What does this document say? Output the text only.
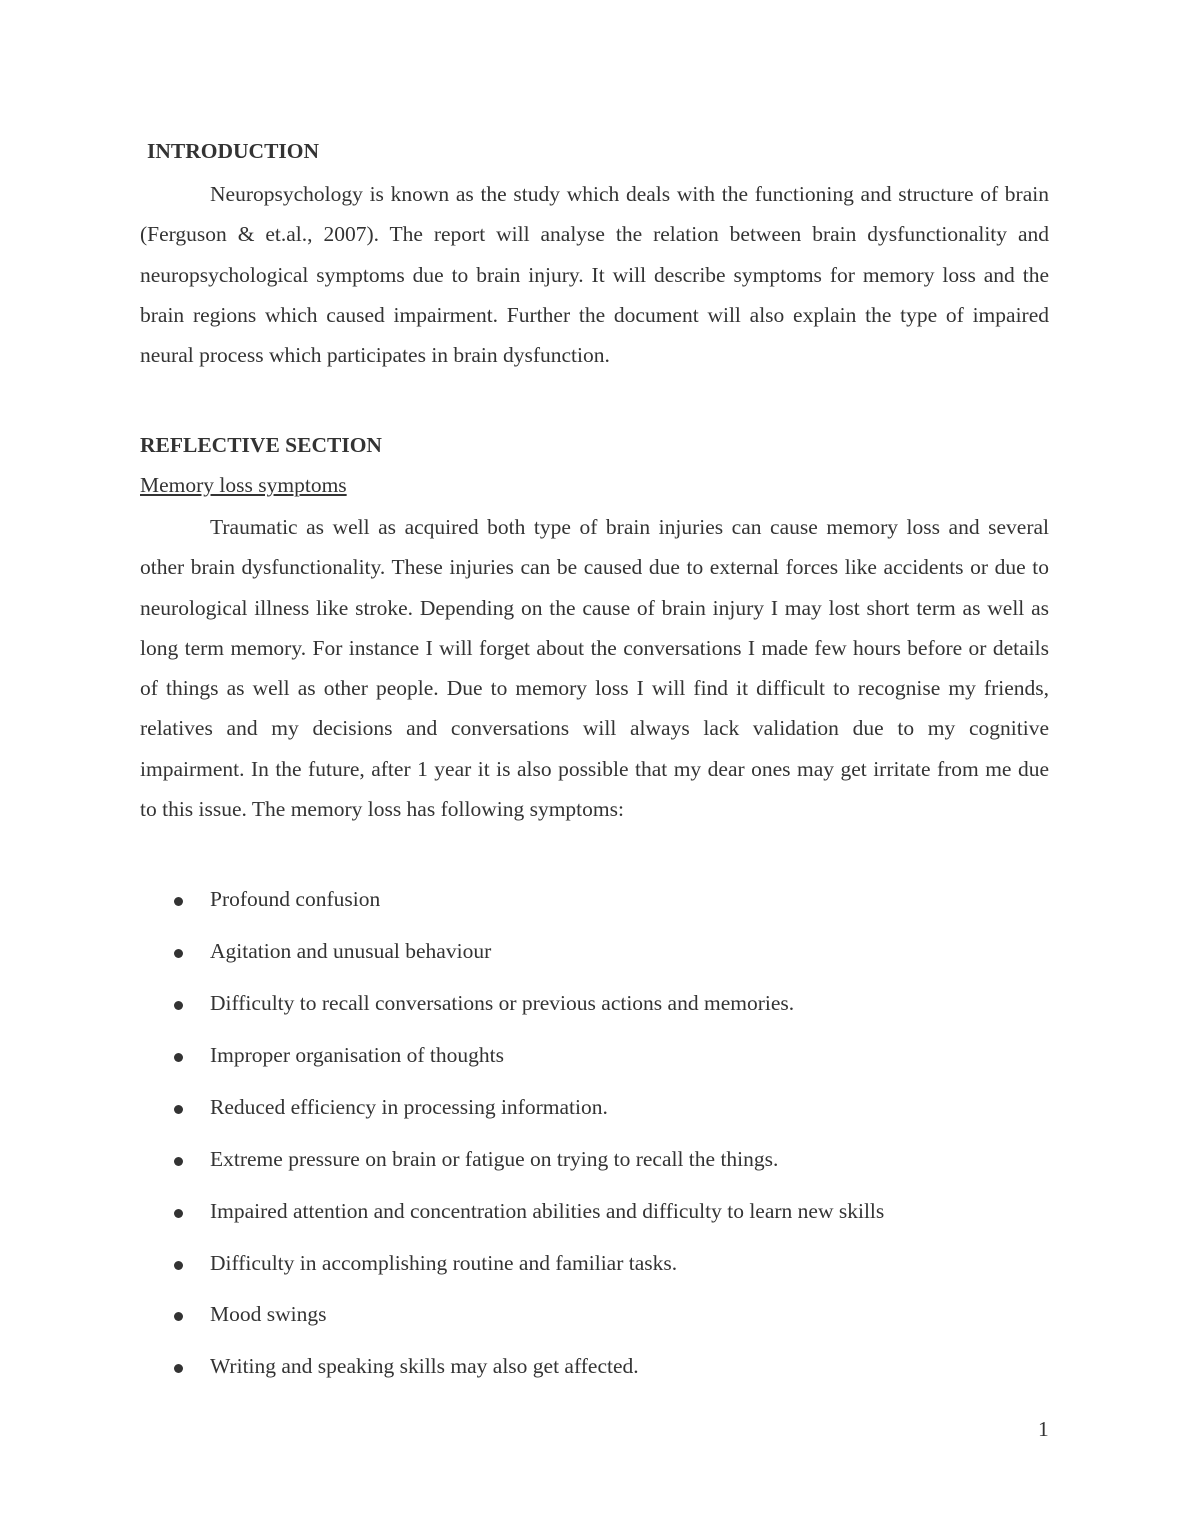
INTRODUCTION

Neuropsychology is known as the study which deals with the functioning and structure of brain (Ferguson & et.al., 2007). The report will analyse the relation between brain dysfunctionality and neuropsychological symptoms due to brain injury. It will describe symptoms for memory loss and the brain regions which caused impairment. Further the document will also explain the type of impaired neural process which participates in brain dysfunction.

REFLECTIVE SECTION
Memory loss symptoms

Traumatic as well as acquired both type of brain injuries can cause memory loss and several other brain dysfunctionality. These injuries can be caused due to external forces like accidents or due to neurological illness like stroke. Depending on the cause of brain injury I may lost short term as well as long term memory. For instance I will forget about the conversations I made few hours before or details of things as well as other people. Due to memory loss I will find it difficult to recognise my friends, relatives and my decisions and conversations will always lack validation due to my cognitive impairment. In the future, after 1 year it is also possible that my dear ones may get irritate from me due to this issue. The memory loss has following symptoms:

Profound confusion
Agitation and unusual behaviour
Difficulty to recall conversations or previous actions and memories.
Improper organisation of thoughts
Reduced efficiency in processing information.
Extreme pressure on brain or fatigue on trying to recall the things.
Impaired attention and concentration abilities and difficulty to learn new skills
Difficulty in accomplishing routine and familiar tasks.
Mood swings
Writing and speaking skills may also get affected.
1
